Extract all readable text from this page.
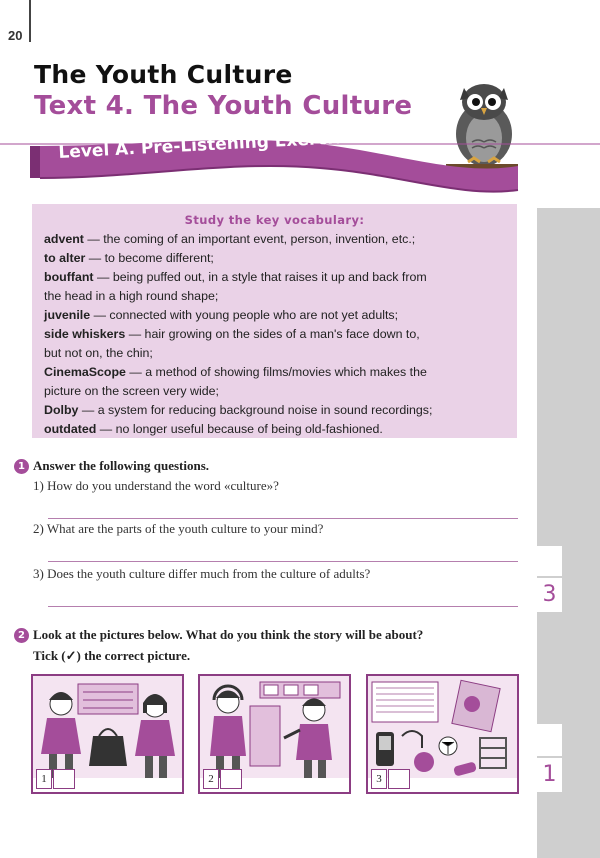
20
The Youth Culture
Text 4. The Youth Culture
Level A. Pre-Listening Exercises
3
1
Study the key vocabulary:
advent — the coming of an important event, person, invention, etc.;
to alter — to become different;
bouffant — being puffed out, in a style that raises it up and back from
the head in a high round shape;
juvenile — connected with young people who are not yet adults;
side whiskers — hair growing on the sides of a man's face down to,
but not on, the chin;
CinemaScope — a method of showing films/movies which makes the
picture on the screen very wide;
Dolby — a system for reducing background noise in sound recordings;
outdated — no longer useful because of being old-fashioned.
1 Answer the following questions.
1) How do you understand the word «culture»?
2) What are the parts of the youth culture to your mind?
3) Does the youth culture differ much from the culture of adults?
2 Look at the pictures below. What do you think the story will be about?
Tick (✓) the correct picture.
1	2	3
